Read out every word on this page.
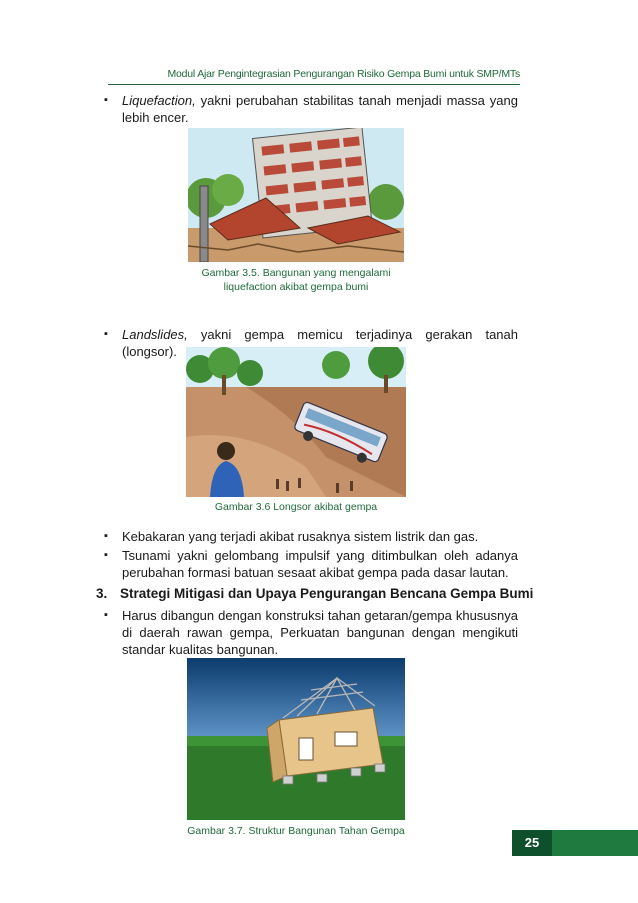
Modul Ajar Pengintegrasian Pengurangan Risiko Gempa Bumi untuk SMP/MTs
▪ Liquefaction, yakni perubahan stabilitas tanah menjadi massa yang lebih encer.
Gambar 3.5. Bangunan yang mengalami
liquefaction akibat gempa bumi
▪ Landslides, yakni gempa memicu terjadinya gerakan tanah (longsor).
Gambar 3.6 Longsor akibat gempa
▪ Kebakaran yang terjadi akibat rusaknya sistem listrik dan gas.
▪ Tsunami yakni gelombang impulsif yang ditimbulkan oleh adanya perubahan formasi batuan sesaat akibat gempa pada dasar lautan.
3. Strategi Mitigasi dan Upaya Pengurangan Bencana Gempa Bumi
▪ Harus dibangun dengan konstruksi tahan getaran/gempa khususnya di daerah rawan gempa, Perkuatan bangunan dengan mengikuti standar kualitas bangunan.
Gambar 3.7. Struktur Bangunan Tahan Gempa
25
